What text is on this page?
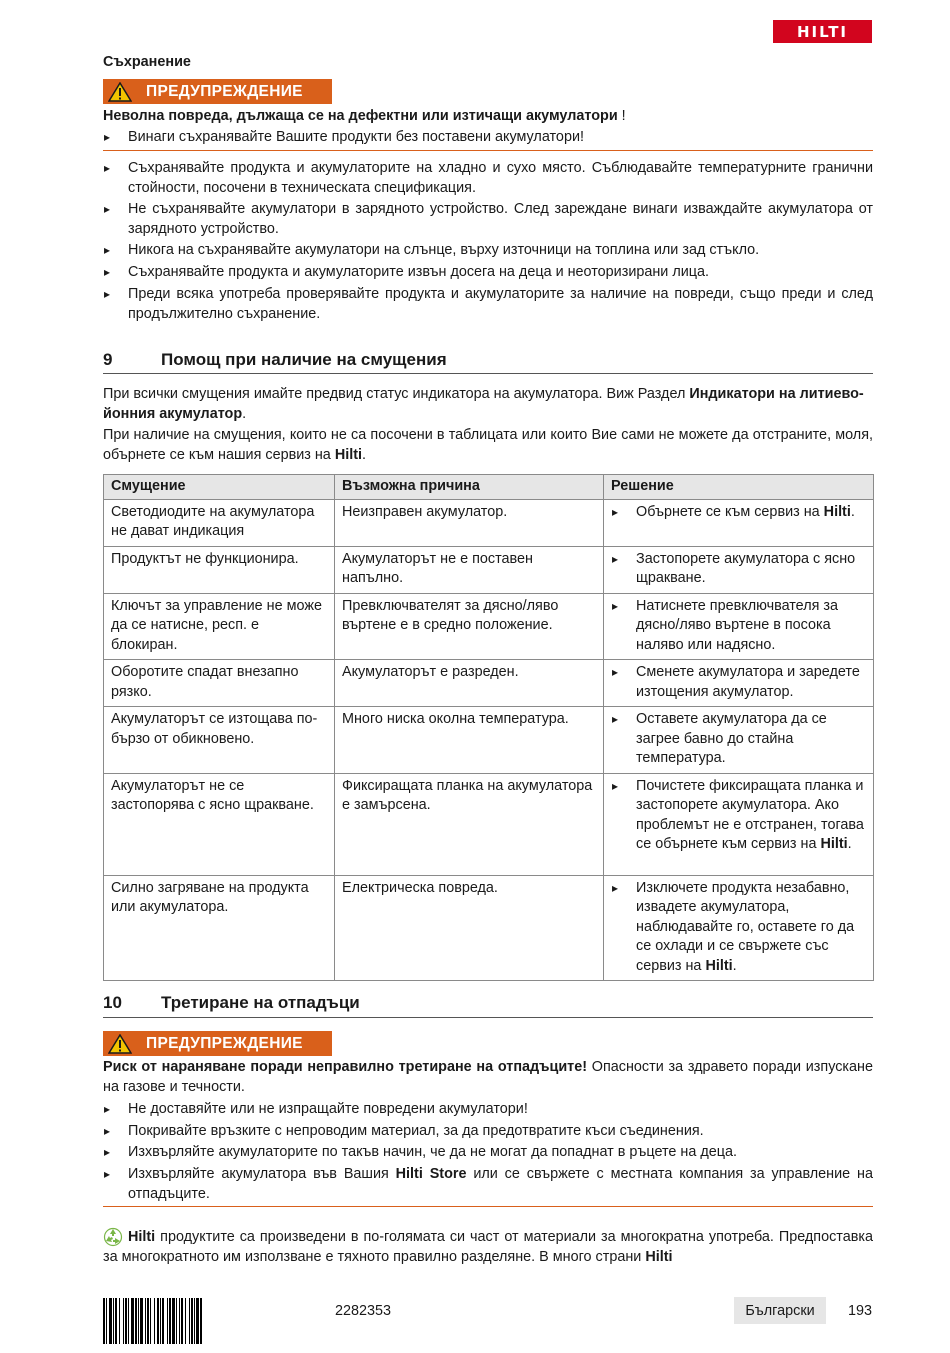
HILTI
Съхранение
ПРЕДУПРЕЖДЕНИЕ
Неволна повреда, дължаща се на дефектни или изтичащи акумулатори !
▸ Винаги съхранявайте Вашите продукти без поставени акумулатори!
▸ Съхранявайте продукта и акумулаторите на хладно и сухо място. Съблюдавайте температурните гранични стойности, посочени в техническата спецификация.
▸ Не съхранявайте акумулатори в зарядното устройство. След зареждане винаги изваждайте акумулатора от зарядното устройство.
▸ Никога на съхранявайте акумулатори на слънце, върху източници на топлина или зад стъкло.
▸ Съхранявайте продукта и акумулаторите извън досега на деца и неоторизирани лица.
▸ Преди всяка употреба проверявайте продукта и акумулаторите за наличие на повреди, също преди и след продължително съхранение.
9	Помощ при наличие на смущения
При всички смущения имайте предвид статус индикатора на акумулатора. Виж Раздел Индикатори на литиево-йонния акумулатор.
При наличие на смущения, които не са посочени в таблицата или които Вие сами не можете да отстраните, моля, обърнете се към нашия сервиз на Hilti.
Смущение	Възможна причина	Решение
Светодиодите на акумулатора не дават индикация	Неизправен акумулатор.	▸ Обърнете се към сервиз на Hilti.
Продуктът не функционира.	Акумулаторът не е поставен напълно.	▸ Застопорете акумулатора с ясно щракване.
Ключът за управление не може да се натисне, респ. е блокиран.	Превключвателят за дясно/ляво въртене е в средно положение.	▸ Натиснете превключвателя за дясно/ляво въртене в посока наляво или надясно.
Оборотите спадат внезапно рязко.	Акумулаторът е разреден.	▸ Сменете акумулатора и заредете изтощения акумулатор.
Акумулаторът се изтощава по-бързо от обикновено.	Много ниска околна температура.	▸ Оставете акумулатора да се загрее бавно до стайна температура.
Акумулаторът не се застопорява с ясно щракване.	Фиксиращата планка на акумулатора е замърсена.	▸ Почистете фиксиращата планка и застопорете акумулатора. Ако проблемът не е отстранен, тогава се обърнете към сервиз на Hilti.
Силно загряване на продукта или акумулатора.	Електрическа повреда.	▸ Изключете продукта незабавно, извадете акумулатора, наблюдавайте го, оставете го да се охлади и се свържете със сервиз на Hilti.
10 Третиране на отпадъци
ПРЕДУПРЕЖДЕНИЕ
Риск от нараняване поради неправилно третиране на отпадъците! Опасности за здравето поради изпускане на газове и течности.
▸ Не доставяйте или не изпращайте повредени акумулатори!
▸ Покривайте връзките с непроводим материал, за да предотвратите къси съединения.
▸ Изхвърляйте акумулаторите по такъв начин, че да не могат да попаднат в ръцете на деца.
▸ Изхвърляйте акумулатора във Вашия Hilti Store или се свържете с местната компания за управление на отпадъците.
Hilti продуктите са произведени в по-голямата си част от материали за многократна употреба. Предпоставка за многократното им използване е тяхното правилно разделяне. В много страни Hilti
2282353	Български	193
